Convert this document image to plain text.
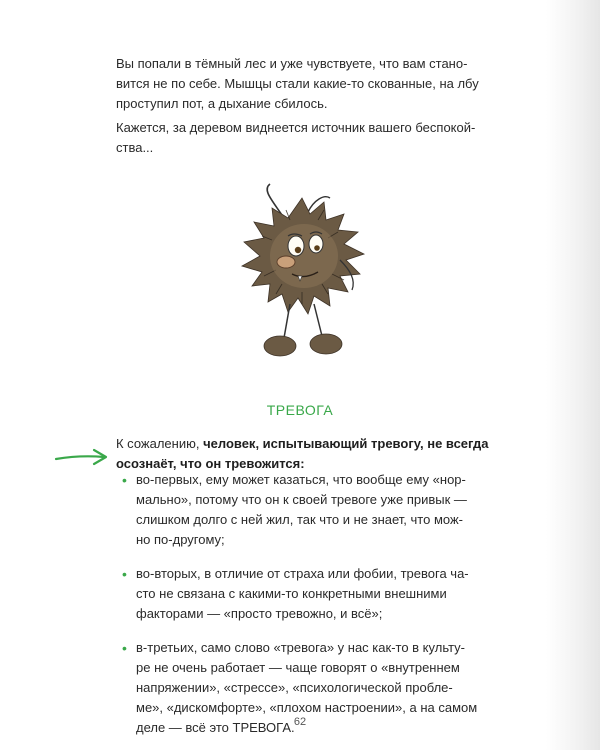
Вы попали в тёмный лес и уже чувствуете, что вам стано-
вится не по себе. Мышцы стали какие-то скованные, на лбу
проступил пот, а дыхание сбилось.

Кажется, за деревом виднеется источник вашего беспокой-
ства...

ТРЕВОГА

К сожалению, человек, испытывающий тревогу, не всегда
осознаёт, что он тревожится:

• во-первых, ему может казаться, что вообще ему «нор-
мально», потому что он к своей тревоге уже привык —
слишком долго с ней жил, так что и не знает, что мож-
но по-другому;
• во-вторых, в отличие от страха или фобии, тревога ча-
сто не связана с какими-то конкретными внешними
факторами — «просто тревожно, и всё»;
• в-третьих, само слово «тревога» у нас как-то в культу-
ре не очень работает — чаще говорят о «внутреннем
напряжении», «стрессе», «психологической пробле-
ме», «дискомфорте», «плохом настроении», а на самом
деле — всё это ТРЕВОГА. 62
